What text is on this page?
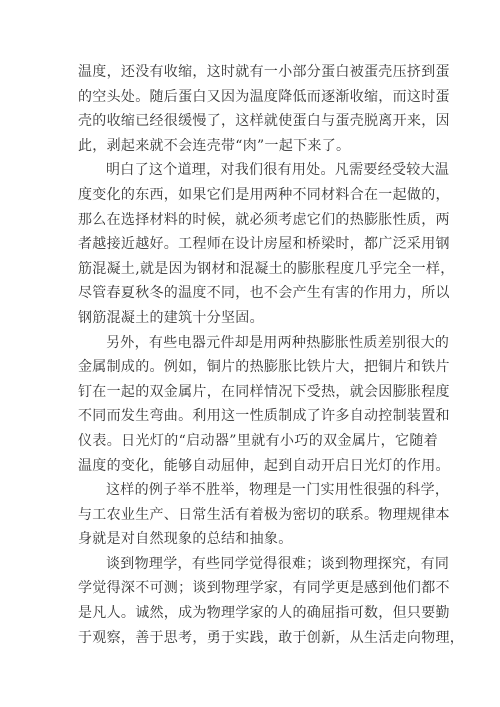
温度，还没有收缩，这时就有一小部分蛋白被蛋壳压挤到蛋
的空头处。随后蛋白又因为温度降低而逐渐收缩，而这时蛋
壳的收缩已经很缓慢了，这样就使蛋白与蛋壳脱离开来，因
此，剥起来就不会连壳带“肉”一起下来了。
明白了这个道理，对我们很有用处。凡需要经受较大温
度变化的东西，如果它们是用两种不同材料合在一起做的，
那么在选择材料的时候，就必须考虑它们的热膨胀性质，两
者越接近越好。工程师在设计房屋和桥梁时，都广泛采用钢
筋混凝土,就是因为钢材和混凝土的膨胀程度几乎完全一样，
尽管春夏秋冬的温度不同，也不会产生有害的作用力，所以
钢筋混凝土的建筑十分坚固。
另外，有些电器元件却是用两种热膨胀性质差别很大的
金属制成的。例如，铜片的热膨胀比铁片大，把铜片和铁片
钉在一起的双金属片，在同样情况下受热，就会因膨胀程度
不同而发生弯曲。利用这一性质制成了许多自动控制装置和
仪表。日光灯的“启动器”里就有小巧的双金属片，它随着
温度的变化，能够自动屈伸，起到自动开启日光灯的作用。
这样的例子举不胜举，物理是一门实用性很强的科学，
与工农业生产、日常生活有着极为密切的联系。物理规律本
身就是对自然现象的总结和抽象。
谈到物理学，有些同学觉得很难；谈到物理探究，有同
学觉得深不可测；谈到物理学家，有同学更是感到他们都不
是凡人。诚然，成为物理学家的人的确屈指可数，但只要勤
于观察，善于思考，勇于实践，敢于创新，从生活走向物理，
